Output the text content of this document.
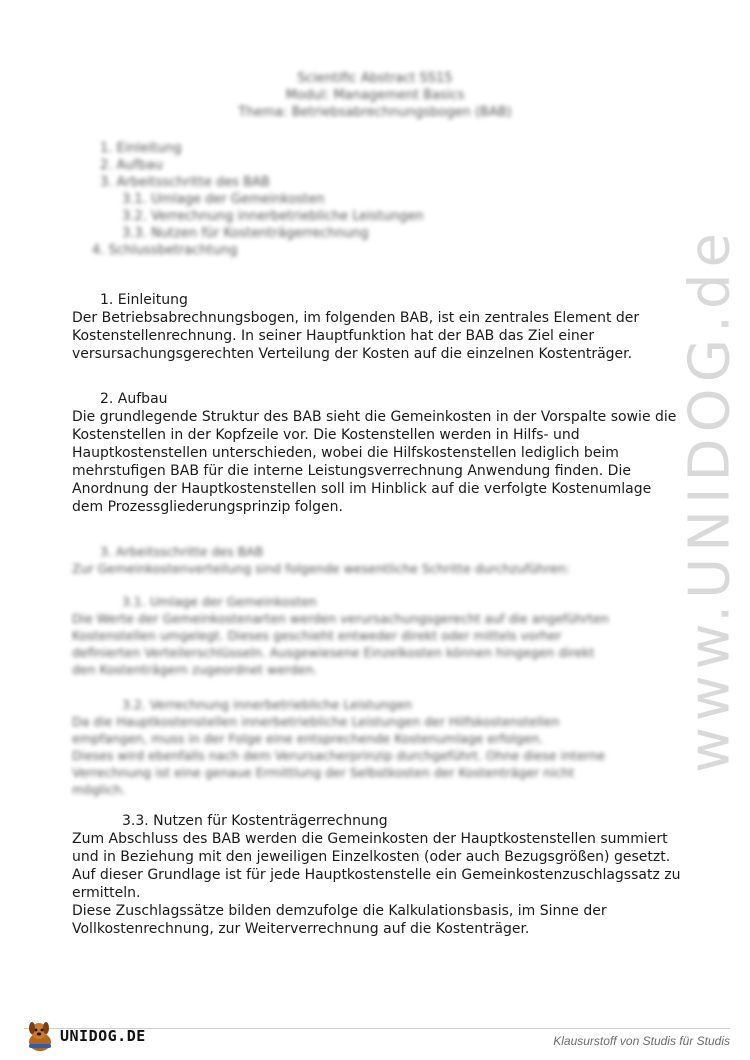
www.UNIDOG.de
Scientific Abstract SS15
Modul: Management Basics
Thema: Betriebsabrechnungsbogen (BAB)
1. Einleitung
2. Aufbau
3. Arbeitsschritte des BAB
3.1. Umlage der Gemeinkosten
3.2. Verrechnung innerbetriebliche Leistungen
3.3. Nutzen für Kostenträgerrechnung
4. Schlussbetrachtung
1. Einleitung
Der Betriebsabrechnungsbogen, im folgenden BAB, ist ein zentrales Element der
Kostenstellenrechnung. In seiner Hauptfunktion hat der BAB das Ziel einer
versursachungsgerechten Verteilung der Kosten auf die einzelnen Kostenträger.
2. Aufbau
Die grundlegende Struktur des BAB sieht die Gemeinkosten in der Vorspalte sowie die
Kostenstellen in der Kopfzeile vor. Die Kostenstellen werden in Hilfs- und
Hauptkostenstellen unterschieden, wobei die Hilfskostenstellen lediglich beim
mehrstufigen BAB für die interne Leistungsverrechnung Anwendung finden. Die
Anordnung der Hauptkostenstellen soll im Hinblick auf die verfolgte Kostenumlage
dem Prozessgliederungsprinzip folgen.
3. Arbeitsschritte des BAB
Zur Gemeinkostenverteilung sind folgende wesentliche Schritte durchzuführen:
3.1. Umlage der Gemeinkosten
Die Werte der Gemeinkostenarten werden verursachungsgerecht auf die angeführten
Kostenstellen umgelegt. Dieses geschieht entweder direkt oder mittels vorher
definierten Verteilerschlüsseln. Ausgewiesene Einzelkosten können hingegen direkt
den Kostenträgern zugeordnet werden.
3.2. Verrechnung innerbetriebliche Leistungen
Da die Hauptkostenstellen innerbetriebliche Leistungen der Hilfskostenstellen
empfangen, muss in der Folge eine entsprechende Kostenumlage erfolgen.
Dieses wird ebenfalls nach dem Verursacherprinzip durchgeführt. Ohne diese interne
Verrechnung ist eine genaue Ermittlung der Selbstkosten der Kostenträger nicht
möglich.
3.3. Nutzen für Kostenträgerrechnung
Zum Abschluss des BAB werden die Gemeinkosten der Hauptkostenstellen summiert
und in Beziehung mit den jeweiligen Einzelkosten (oder auch Bezugsgrößen) gesetzt.
Auf dieser Grundlage ist für jede Hauptkostenstelle ein Gemeinkostenzuschlagssatz zu
ermitteln.
Diese Zuschlagssätze bilden demzufolge die Kalkulationsbasis, im Sinne der
Vollkostenrechnung, zur Weiterverrechnung auf die Kostenträger.
UNIDOG.DE	Klausurstoff von Studis für Studis
